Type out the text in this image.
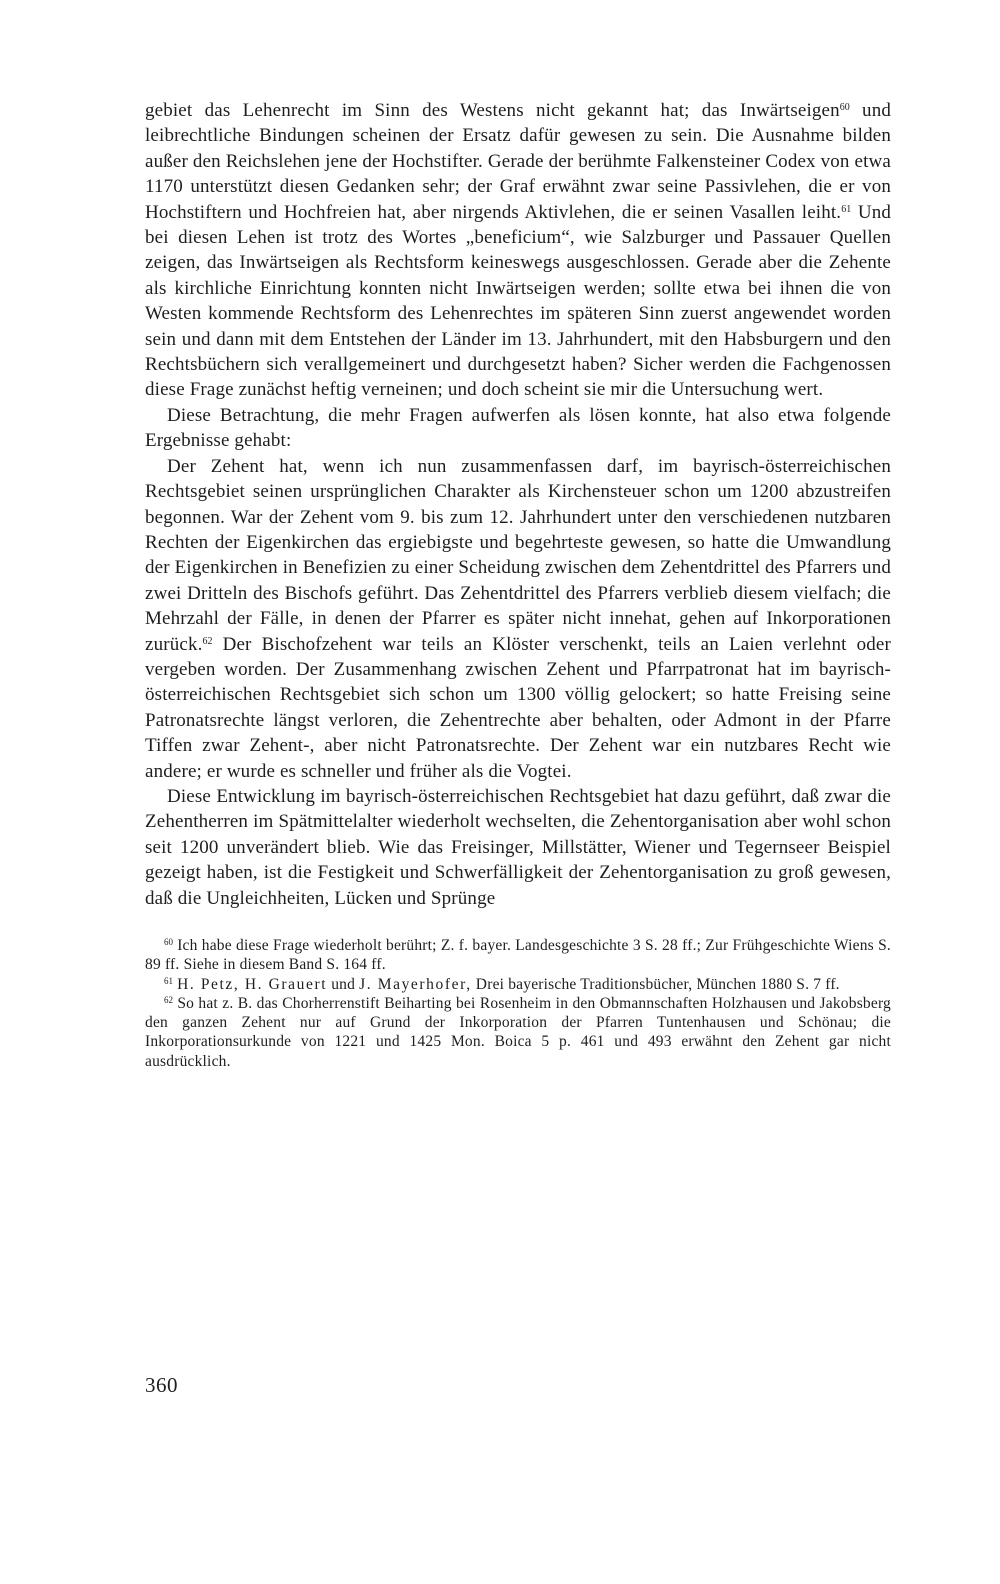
gebiet das Lehenrecht im Sinn des Westens nicht gekannt hat; das Inwärtseigen$^{60}$ und leibrechtliche Bindungen scheinen der Ersatz dafür gewesen zu sein. Die Ausnahme bilden außer den Reichslehen jene der Hochstifter. Gerade der berühmte Falkensteiner Codex von etwa 1170 unterstützt diesen Gedanken sehr; der Graf erwähnt zwar seine Passivlehen, die er von Hochstiftern und Hochfreien hat, aber nirgends Aktivlehen, die er seinen Vasallen leiht.$^{61}$ Und bei diesen Lehen ist trotz des Wortes „beneficium“, wie Salzburger und Passauer Quellen zeigen, das Inwärtseigen als Rechtsform keineswegs ausgeschlossen. Gerade aber die Zehente als kirchliche Einrichtung konnten nicht Inwärtseigen werden; sollte etwa bei ihnen die von Westen kommende Rechtsform des Lehenrechtes im späteren Sinn zuerst angewendet worden sein und dann mit dem Entstehen der Länder im 13. Jahrhundert, mit den Habsburgern und den Rechtsbüchern sich verallgemeinert und durchgesetzt haben? Sicher werden die Fachgenossen diese Frage zunächst heftig verneinen; und doch scheint sie mir die Untersuchung wert.

Diese Betrachtung, die mehr Fragen aufwerfen als lösen konnte, hat also etwa folgende Ergebnisse gehabt:

Der Zehent hat, wenn ich nun zusammenfassen darf, im bayrisch-österreichischen Rechtsgebiet seinen ursprünglichen Charakter als Kirchensteuer schon um 1200 abzustreifen begonnen. War der Zehent vom 9. bis zum 12. Jahrhundert unter den verschiedenen nutzbaren Rechten der Eigenkirchen das ergiebigste und begehrteste gewesen, so hatte die Umwandlung der Eigenkirchen in Benefizien zu einer Scheidung zwischen dem Zehentdrittel des Pfarrers und zwei Dritteln des Bischofs geführt. Das Zehentdrittel des Pfarrers verblieb diesem vielfach; die Mehrzahl der Fälle, in denen der Pfarrer es später nicht innehat, gehen auf Inkorporationen zurück.$^{62}$ Der Bischofzehent war teils an Klöster verschenkt, teils an Laien verlehnt oder vergeben worden. Der Zusammenhang zwischen Zehent und Pfarrpatronat hat im bayrisch-österreichischen Rechtsgebiet sich schon um 1300 völlig gelockert; so hatte Freising seine Patronatsrechte längst verloren, die Zehentrechte aber behalten, oder Admont in der Pfarre Tiffen zwar Zehent-, aber nicht Patronatsrechte. Der Zehent war ein nutzbares Recht wie andere; er wurde es schneller und früher als die Vogtei.

Diese Entwicklung im bayrisch-österreichischen Rechtsgebiet hat dazu geführt, daß zwar die Zehentherren im Spätmittelalter wiederholt wechselten, die Zehentorganisation aber wohl schon seit 1200 unverändert blieb. Wie das Freisinger, Millstätter, Wiener und Tegernseer Beispiel gezeigt haben, ist die Festigkeit und Schwerfälligkeit der Zehentorganisation zu groß gewesen, daß die Ungleichheiten, Lücken und Sprünge

$^{60}$ Ich habe diese Frage wiederholt berührt; Z. f. bayer. Landesgeschichte 3 S. 28 ff.; Zur Frühgeschichte Wiens S. 89 ff. Siehe in diesem Band S. 164 ff.

$^{61}$ H. Petz, H. Grauert und J. Mayerhofer, Drei bayerische Traditionsbücher, München 1880 S. 7 ff.

$^{62}$ So hat z. B. das Chorherrenstift Beiharting bei Rosenheim in den Obmannschaften Holzhausen und Jakobsberg den ganzen Zehent nur auf Grund der Inkorporation der Pfarren Tuntenhausen und Schönau; die Inkorporationsurkunde von 1221 und 1425 Mon. Boica 5 p. 461 und 493 erwähnt den Zehent gar nicht ausdrücklich.

360
